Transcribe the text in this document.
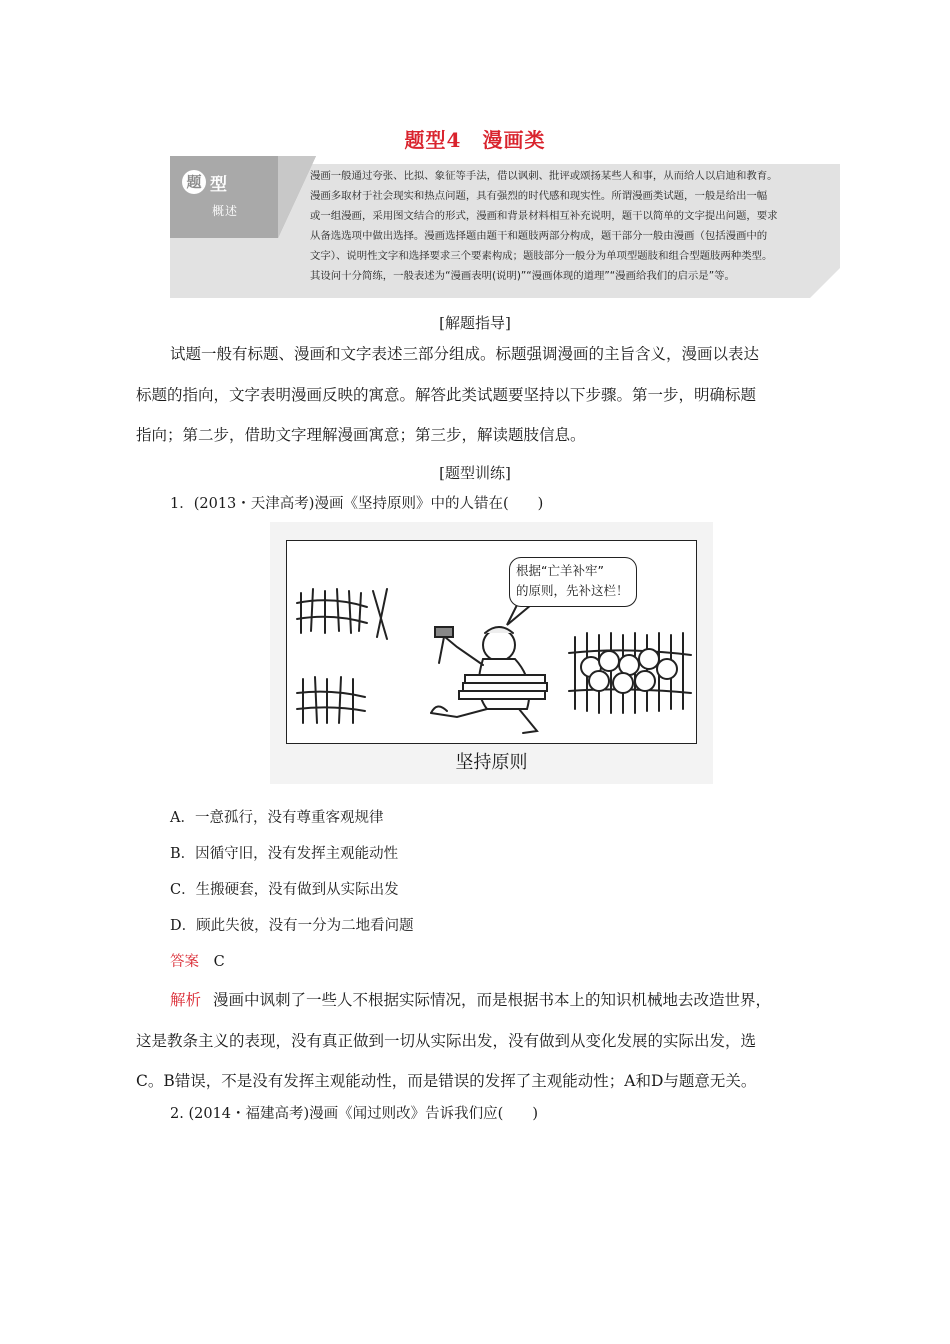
题型4　漫画类
题 型
概述
漫画一般通过夸张、比拟、象征等手法，借以讽刺、批评或颂扬某些人和事，从而给人以启迪和教育。
漫画多取材于社会现实和热点问题，具有强烈的时代感和现实性。所谓漫画类试题，一般是给出一幅
或一组漫画，采用图文结合的形式，漫画和背景材料相互补充说明，题干以简单的文字提出问题，要求
从备选选项中做出选择。漫画选择题由题干和题肢两部分构成，题干部分一般由漫画（包括漫画中的
文字）、说明性文字和选择要求三个要素构成；题肢部分一般分为单项型题肢和组合型题肢两种类型。
其设问十分简练，一般表述为“漫画表明(说明)”“漫画体现的道理”“漫画给我们的启示是”等。
[解题指导]
试题一般有标题、漫画和文字表述三部分组成。标题强调漫画的主旨含义，漫画以表达
标题的指向，文字表明漫画反映的寓意。解答此类试题要坚持以下步骤。第一步，明确标题
指向；第二步，借助文字理解漫画寓意；第三步，解读题肢信息。
[题型训练]
1．(2013・天津高考)漫画《坚持原则》中的人错在(　　)
根据“亡羊补牢”
的原则，先补这栏！
坚持原则
A．一意孤行，没有尊重客观规律
B．因循守旧，没有发挥主观能动性
C．生搬硬套，没有做到从实际出发
D．顾此失彼，没有一分为二地看问题
答案 C
解析 漫画中讽刺了一些人不根据实际情况，而是根据书本上的知识机械地去改造世界，
这是教条主义的表现，没有真正做到一切从实际出发，没有做到从变化发展的实际出发，选
C。B错误，不是没有发挥主观能动性，而是错误的发挥了主观能动性；A和D与题意无关。
2. (2014・福建高考)漫画《闻过则改》告诉我们应(　　)
